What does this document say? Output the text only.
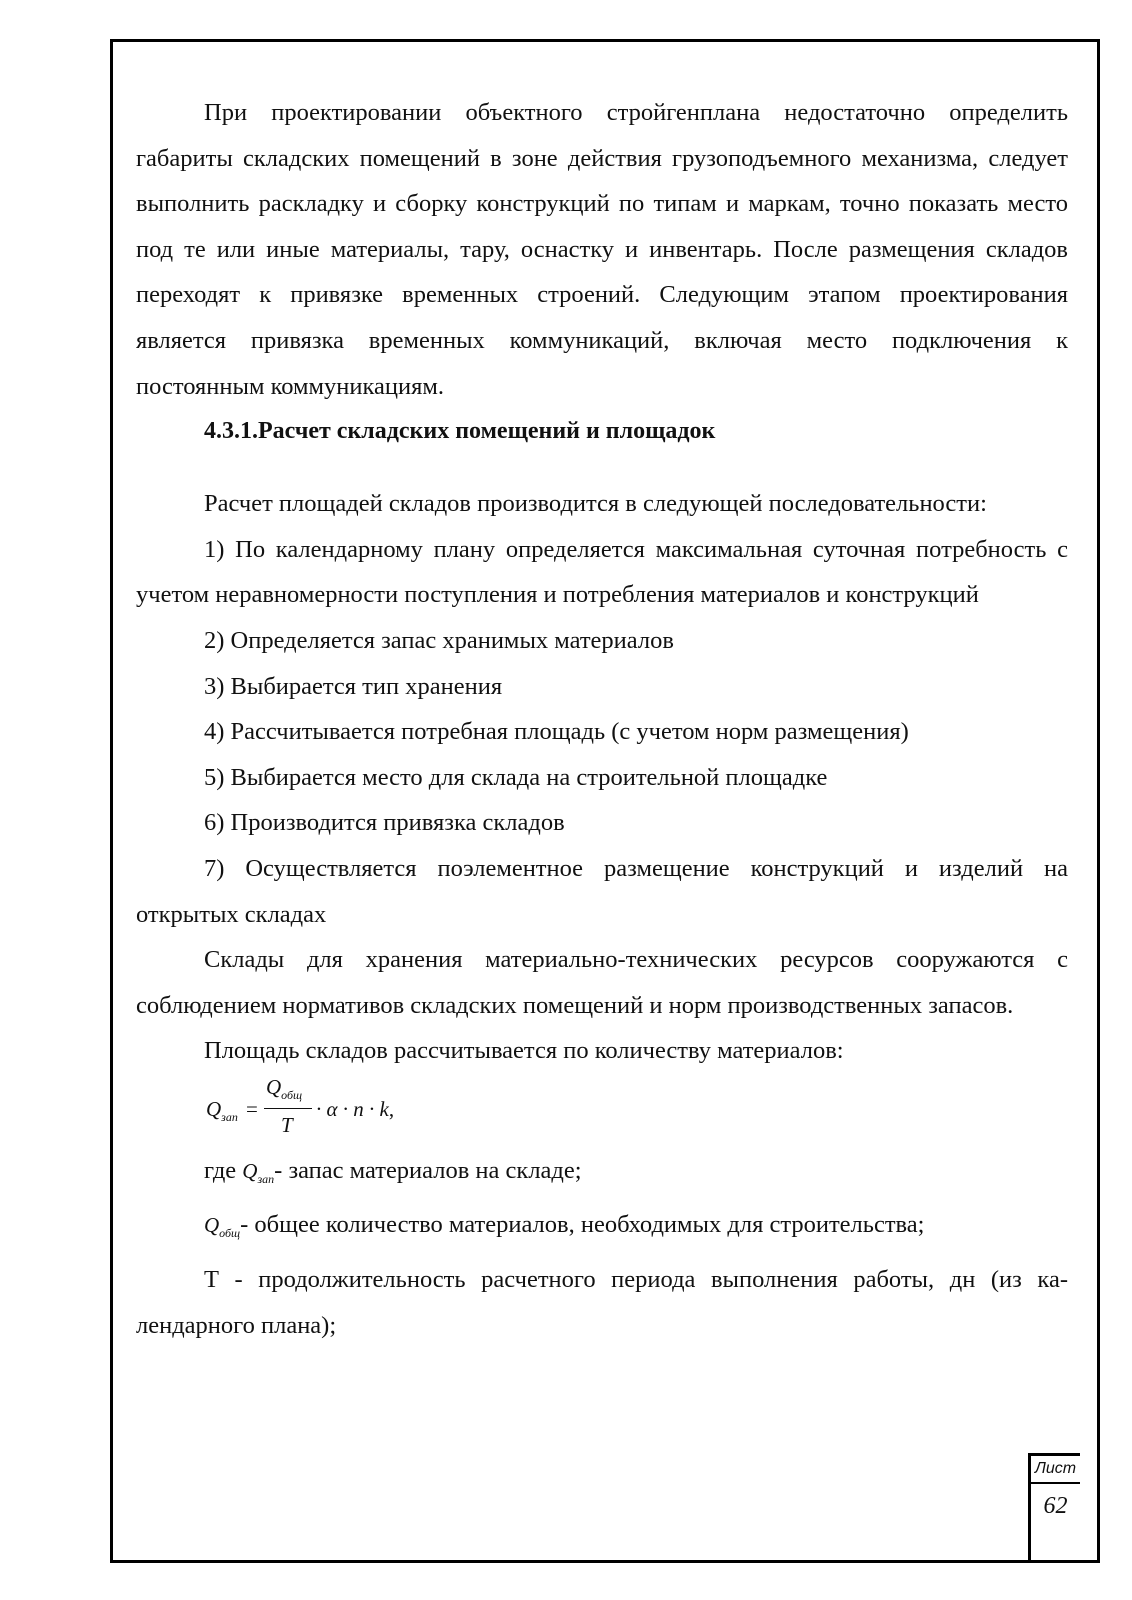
При проектировании объектного стройгенплана недостаточно определить габариты складских помещений в зоне действия грузоподъемного механизма, следует выполнить раскладку и сборку конструкций по типам и маркам, точно показать место под те или иные материалы, тару, оснастку и инвентарь. После размещения складов переходят к привязке временных строений. Следующим этапом проектирования является привязка временных коммуникаций, включая место подключения к постоянным коммуникациям.

4.3.1.Расчет складских помещений и площадок

Расчет площадей складов производится в следующей последовательности:

1) По календарному плану определяется максимальная суточная потребность с учетом неравномерности поступления и потребления материалов и конструкций

2) Определяется запас хранимых материалов

3) Выбирается тип хранения

4) Рассчитывается потребная площадь (с учетом норм размещения)

5) Выбирается место для склада на строительной площадке

6) Производится привязка складов

7) Осуществляется поэлементное размещение конструкций и изделий на открытых складах

Склады для хранения материально-технических ресурсов сооружаются с соблюдением нормативов складских помещений и норм производственных запасов.

Площадь складов рассчитывается по количеству материалов:

$Q_{зап}$ =
$Q_{общ}$
T
· α · n · k,

где $Q_{зап}-$ запас материалов на складе;

$Q_{общ}-$ общее количество материалов, необходимых для строительства;

Т - продолжительность расчетного периода выполнения работы, дн (из календарного плана);

Лист
62
